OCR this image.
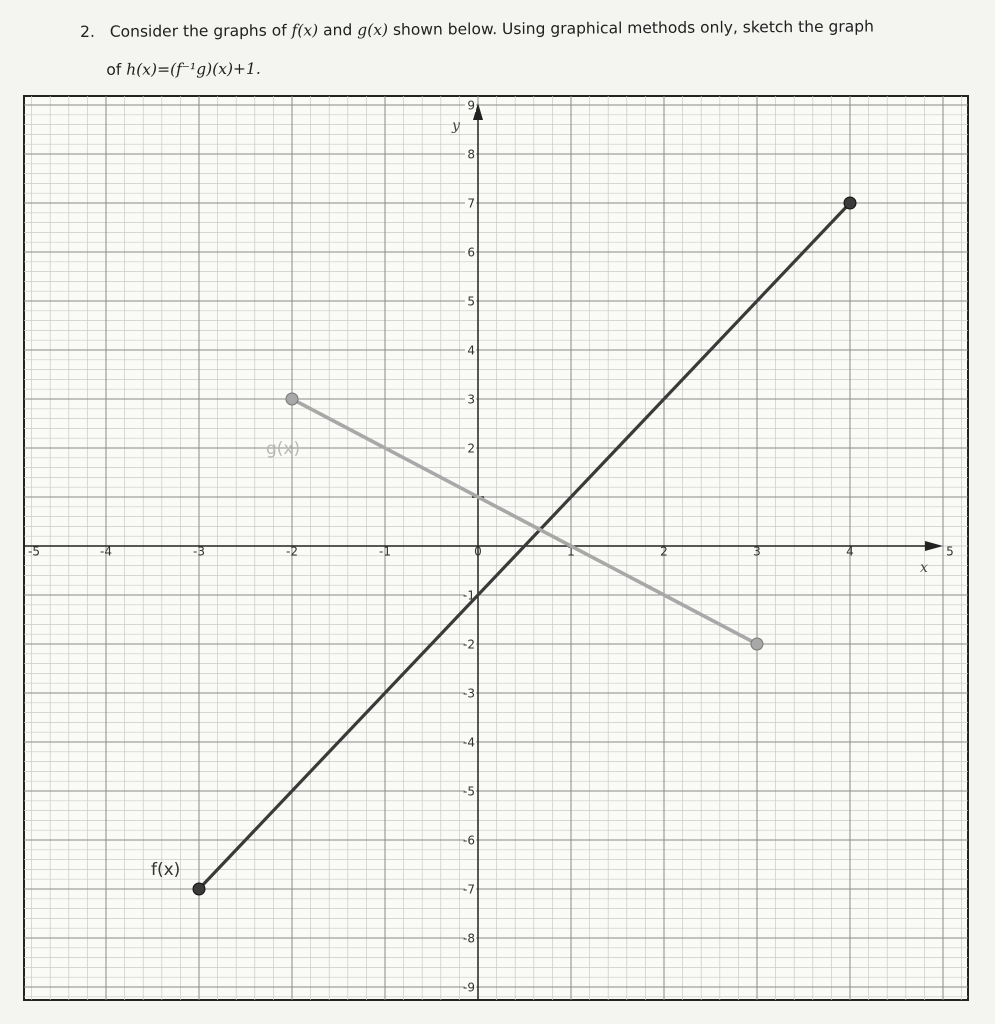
2. Consider the graphs of f(x) and g(x) shown below. Using graphical methods only, sketch the graph
of h(x)=(f⁻¹g)(x)+1.
x
y
-5	-4	-3	-2	-1	0	1	2	3	4	5
9
8
7
6
5
4
3
2
-1
-2
-3
-4
-5
-6
-7
-8
-9
f(x)
g(x)
